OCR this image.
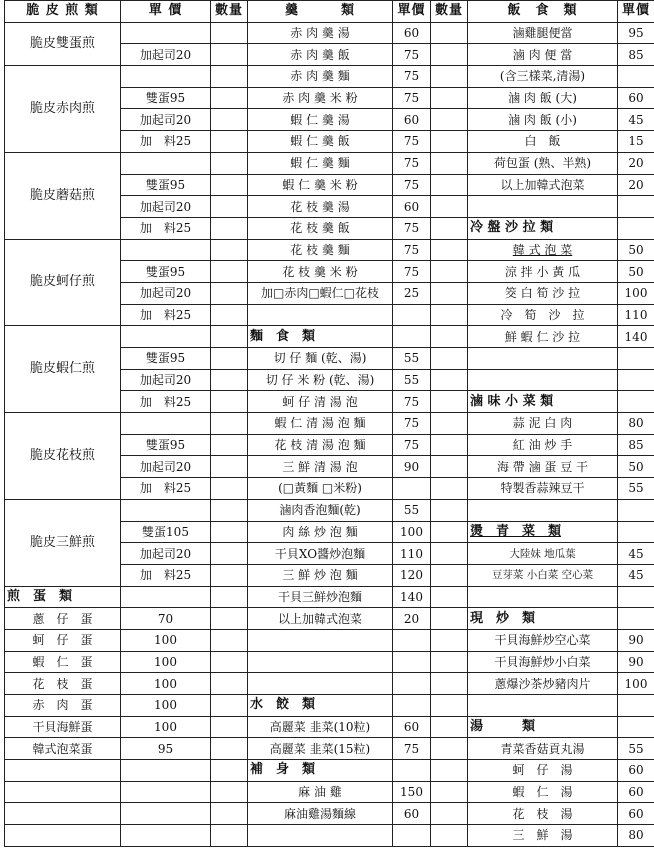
脆 皮 煎 類	單 價	數量	羹　　　類	單價	數量	飯　食　類	單價
脆皮雙蛋煎			赤 肉 羹 湯	60		滷雞腿便當	95
	加起司20		赤 肉 羹 飯	75		滷 肉 便 當	85
脆皮赤肉煎			赤 肉 羹 麵	75		(含三樣菜,清湯)	
	雙蛋95		赤 肉 羹 米 粉	75		滷 肉 飯 (大)	60
	加起司20		蝦 仁 羹 湯	60		滷 肉 飯 (小)	45
	加　料25		蝦 仁 羹 飯	75		白　飯	15
脆皮蘑菇煎			蝦 仁 羹 麵	75		荷包蛋 (熟、半熟)	20
	雙蛋95		蝦 仁 羹 米 粉	75		以上加韓式泡菜	20
	加起司20		花 枝 羹 湯	60			
	加　料25		花 枝 羹 飯	75		冷 盤 沙 拉 類	
脆皮蚵仔煎			花 枝 羹 麵	75		韓 式 泡 菜	50
	雙蛋95		花 枝 羹 米 粉	75		涼 拌 小 黃 瓜	50
	加起司20		加□赤肉□蝦仁□花枝	25		筊 白 筍 沙 拉	100
	加　料25					冷　筍　沙　拉	110
脆皮蝦仁煎			麵　食　類			鮮 蝦 仁 沙 拉	140
	雙蛋95		切 仔 麵 (乾、湯)	55			
	加起司20		切 仔 米 粉 (乾、湯)	55			
	加　料25		蚵 仔 清 湯 泡	75		滷 味 小 菜 類	
脆皮花枝煎			蝦 仁 清 湯 泡 麵	75		蒜 泥 白 肉	80
	雙蛋95		花 枝 清 湯 泡 麵	75		紅 油 炒 手	85
	加起司20		三 鮮 清 湯 泡	90		海 帶 滷 蛋 豆 干	50
	加　料25		(□黃麵 □米粉)			特製香蒜辣豆干	55
脆皮三鮮煎			滷肉香泡麵(乾)	55			
	雙蛋105		肉 絲 炒 泡 麵	100		燙　青　菜　類	
	加起司20		干貝XO醬炒泡麵	110		大陸妹 地瓜葉	45
	加　料25		三 鮮 炒 泡 麵	120		豆芽菜 小白菜 空心菜	45
煎　蛋　類			干貝三鮮炒泡麵	140			
蔥　仔　蛋	70		以上加韓式泡菜	20		現　炒　類	
蚵　仔　蛋	100					干貝海鮮炒空心菜	90
蝦　仁　蛋	100					干貝海鮮炒小白菜	90
花　枝　蛋	100					蔥爆沙茶炒豬肉片	100
赤　肉　蛋	100		水　餃　類				
干貝海鮮蛋	100		高麗菜 韭菜(10粒)	60		湯　　　類	
韓式泡菜蛋	95		高麗菜 韭菜(15粒)	75		青菜香菇貢丸湯	55
			補　身　類			蚵　仔　湯	60
			麻 油 雞	150		蝦　仁　湯	60
			麻油雞湯麵線	60		花　枝　湯	60
						三　鮮　湯	80
